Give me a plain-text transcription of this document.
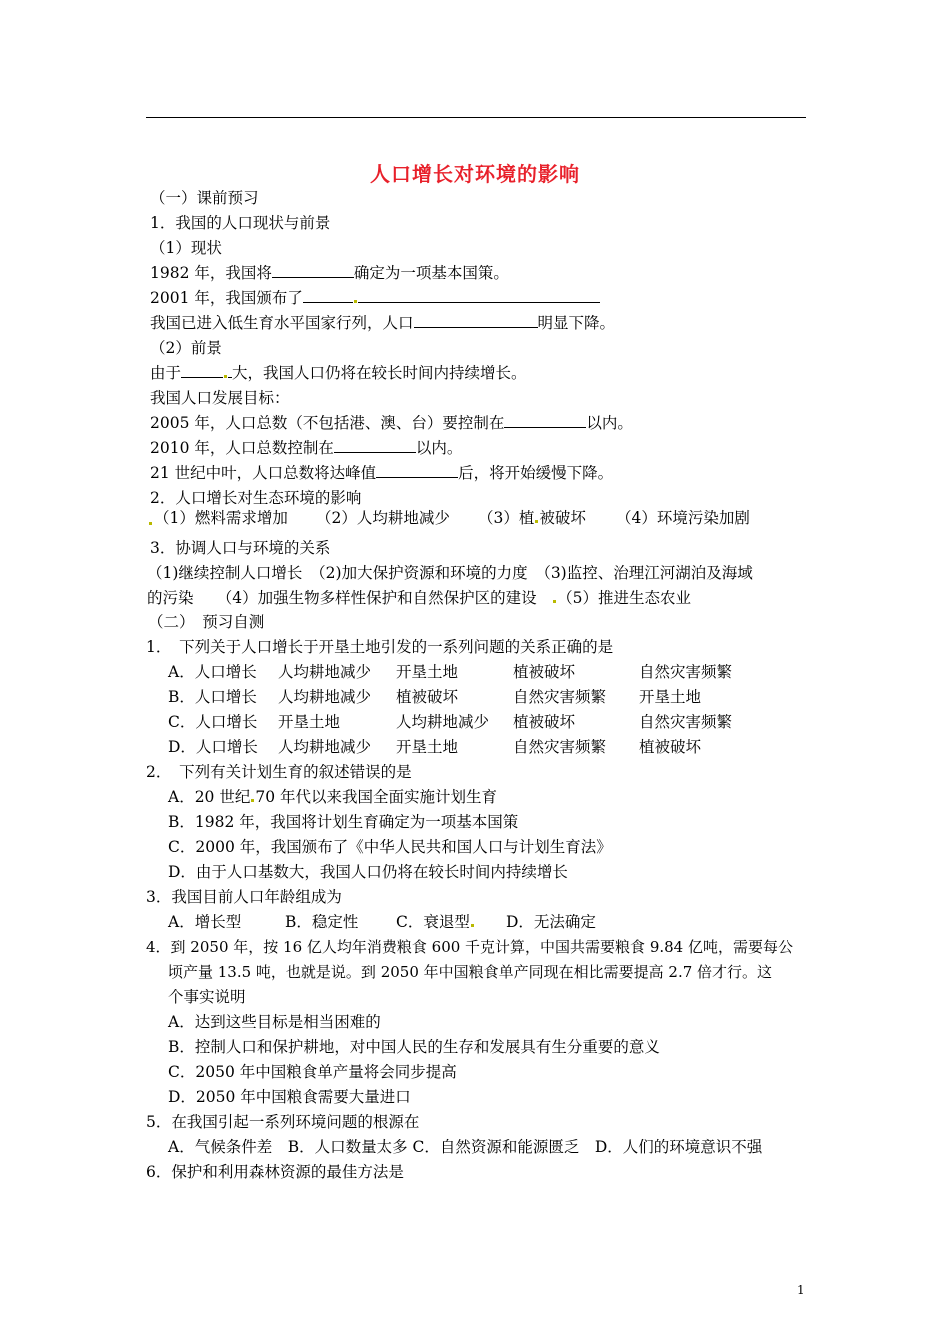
人口增长对环境的影响
（一）课前预习
1．我国的人口现状与前景
（1）现状
1982 年，我国将	确定为一项基本国策。
2001 年，我国颁布了
我国已进入低生育水平国家行列，人口	明显下降。
（2）前景
由于	大，我国人口仍将在较长时间内持续增长。
我国人口发展目标：
2005 年，人口总数（不包括港、澳、台）要控制在	以内。
2010 年，人口总数控制在	以内。
21 世纪中叶，人口总数将达峰值	后，将开始缓慢下降。
2．人口增长对生态环境的影响
（1）燃料需求增加 （2）人均耕地减少 （3）植 被破坏 （4）环境污染加剧
3．协调人口与环境的关系
（1)继续控制人口增长　（2)加大保护资源和环境的力度　（3)监控、治理江河湖泊及海域
的污染　　（4）加强生物多样性保护和自然保护区的建设　（5）推进生态农业
（二）　预习自测
1．　下列关于人口增长于开垦土地引发的一系列问题的关系正确的是
A．人口增长 人均耕地减少 开垦土地	植被破坏	自然灾害频繁
B．人口增长 人均耕地减少 植被破坏	自然灾害频繁 开垦土地
C．人口增长 开垦土地	人均耕地减少 植被破坏	自然灾害频繁
D．人口增长 人均耕地减少 开垦土地	自然灾害频繁 植被破坏
2．　下列有关计划生育的叙述错误的是
A．20 世纪 70 年代以来我国全面实施计划生育
B．1982 年，我国将计划生育确定为一项基本国策
C．2000 年，我国颁布了《中华人民共和国人口与计划生育法》
D．由于人口基数大，我国人口仍将在较长时间内持续增长
3．我国目前人口年龄组成为
A．增长型	B．稳定性 C．衰退型	D．无法确定
4．到 2050 年，按 16 亿人均年消费粮食 600 千克计算，中国共需要粮食 9.84 亿吨，需要每公
顷产量 13.5 吨，也就是说。到 2050 年中国粮食单产同现在相比需要提高 2.7 倍才行。这
个事实说明
A．达到这些目标是相当困难的
B．控制人口和保护耕地，对中国人民的生存和发展具有生分重要的意义
C．2050 年中国粮食单产量将会同步提高
D．2050 年中国粮食需要大量进口
5．在我国引起一系列环境问题的根源在
A．气候条件差　B．人口数量太多 C．自然资源和能源匮乏　D．人们的环境意识不强
6．保护和利用森林资源的最佳方法是
1
